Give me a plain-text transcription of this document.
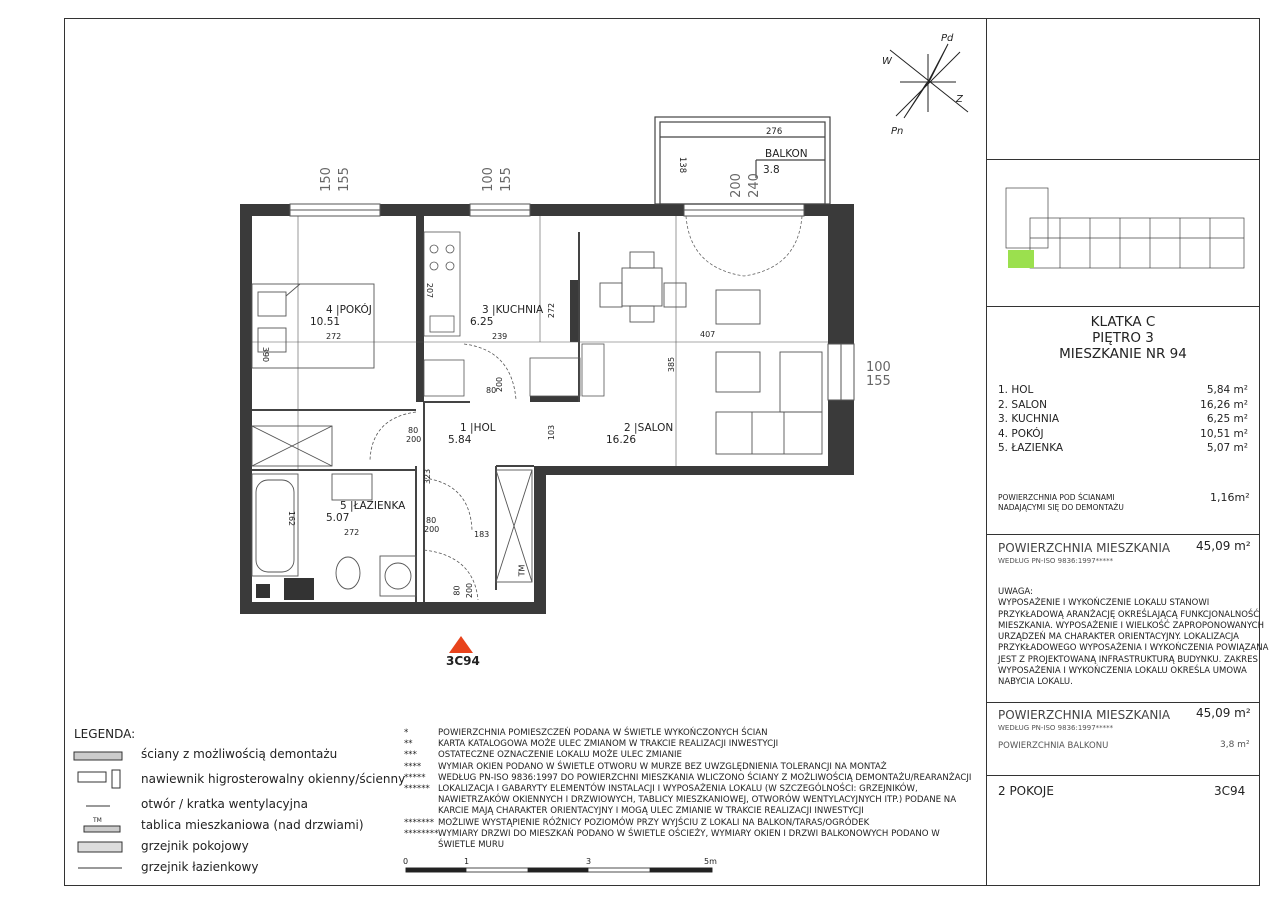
Pd
W
Z
Pn
BALKON
3.8
276
138
150 155	100 155	200 240
100
155
4 |POKÓJ
10.51
272
3 |KUCHNIA
6.25
239
1 |HOL
5.84
2 |SALON
16.26
5 |ŁAZIENKA
5.07
272
390
207
272
407
385
103
183
323
80
200
80
200
80
200
80 200
162
TM
3C94
0	1	3	5m
LEGENDA:
ściany z możliwością demontażu
nawiewnik higrosterowalny okienny/ścienny
otwór / kratka wentylacyjna
tablica mieszkaniowa (nad drzwiami)
grzejnik pokojowy
grzejnik łazienkowy
TM
*	POWIERZCHNIA POMIESZCZEŃ PODANA W ŚWIETLE WYKOŃCZONYCH ŚCIAN
**	KARTA KATALOGOWA MOŻE ULEC ZMIANOM W TRAKCIE REALIZACJI INWESTYCJI
***	OSTATECZNE OZNACZENIE LOKALU MOŻE ULEC ZMIANIE
****	WYMIAR OKIEN PODANO W ŚWIETLE OTWORU W MURZE BEZ UWZGLĘDNIENIA TOLERANCJI NA MONTAŻ
*****	WEDŁUG PN-ISO 9836:1997 DO POWIERZCHNI MIESZKANIA WLICZONO ŚCIANY Z MOŻLIWOŚCIĄ DEMONTAŻU/REARANŻACJI
****** LOKALIZACJA I GABARYTY ELEMENTÓW INSTALACJI I WYPOSAŻENIA LOKALU (W SZCZEGÓLNOŚCI: GRZEJNIKÓW, NAWIETRZAKÓW OKIENNYCH I DRZWIOWYCH, TABLICY MIESZKANIOWEJ, OTWORÓW WENTYLACYJNYCH ITP.) PODANE NA KARCIE MAJĄ CHARAKTER ORIENTACYJNY I MOGĄ ULEC ZMIANIE W TRAKCIE REALIZACJI INWESTYCJI
******* MOŻLIWE WYSTĄPIENIE RÓŻNICY POZIOMÓW PRZY WYJŚCIU Z LOKALI NA BALKON/TARAS/OGRÓDEK
******** WYMIARY DRZWI DO MIESZKAŃ PODANO W ŚWIETLE OŚCIEŻY, WYMIARY OKIEN I DRZWI BALKONOWYCH PODANO W ŚWIETLE MURU
KLATKA C
PIĘTRO 3
MIESZKANIE NR 94
1. HOL	5,84 m²
2. SALON	16,26 m²
3. KUCHNIA	6,25 m²
4. POKÓJ	10,51 m²
5. ŁAZIENKA	5,07 m²
POWIERZCHNIA POD ŚCIANAMI
NADAJĄCYMI SIĘ DO DEMONTAŻU
1,16m²
POWIERZCHNIA MIESZKANIA
WEDŁUG PN-ISO 9836:1997*****
45,09 m²
UWAGA:
WYPOSAŻENIE I WYKOŃCZENIE LOKALU STANOWI
PRZYKŁADOWĄ ARANŻACJĘ OKREŚLAJĄCĄ FUNKCJONALNOŚĆ
MIESZKANIA. WYPOSAŻENIE I WIELKOŚĆ ZAPROPONOWANYCH
URZĄDZEŃ MA CHARAKTER ORIENTACYJNY. LOKALIZACJA
PRZYKŁADOWEGO WYPOSAŻENIA I WYKOŃCZENIA POWIĄZANA
JEST Z PROJEKTOWANĄ INFRASTRUKTURĄ BUDYNKU. ZAKRES
WYPOSAŻENIA I WYKOŃCZENIA LOKALU OKREŚLA UMOWA
NABYCIA LOKALU.
POWIERZCHNIA MIESZKANIA
WEDŁUG PN-ISO 9836:1997*****
45,09 m²
POWIERZCHNIA BALKONU	3,8 m²
2 POKOJE	3C94
